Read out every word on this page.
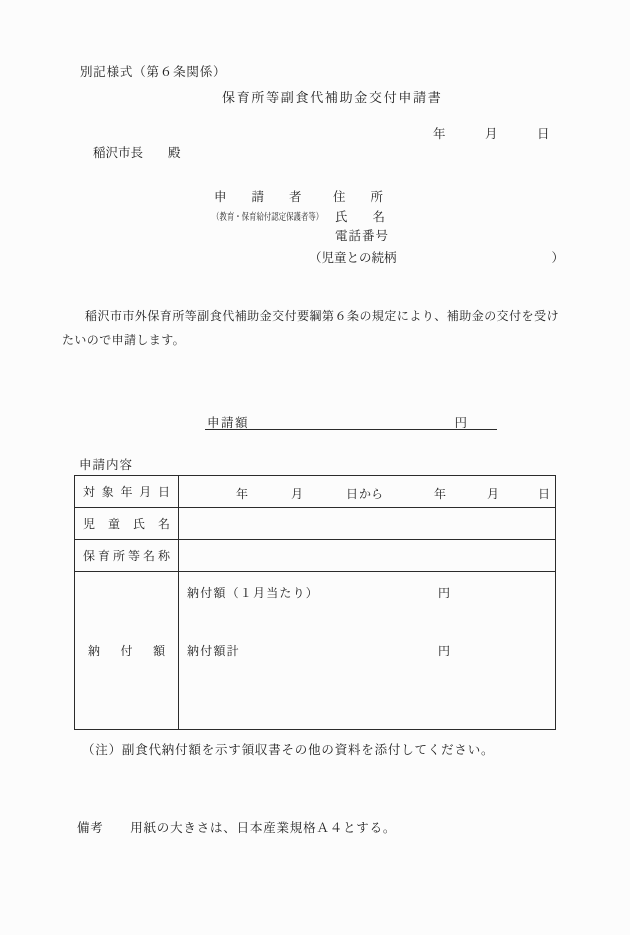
別記様式（第６条関係）
保育所等副食代補助金交付申請書
年	月	日
稲沢市長　　殿
申　　請　　者	住　　所
（教育・保育給付認定保護者等） 氏　　名
電話番号
（児童との続柄	）
稲沢市市外保育所等副食代補助金交付要綱第６条の規定により、補助金の交付を受けたいので申請します。
申請額	円
申請内容
対象年月日	年	月	日 から	年	月	日
児童氏名
保育所等名称
納付額
納付額（１月当たり）	円
納付額計	円
（注）副食代納付額を示す領収書その他の資料を添付してください。
備考　　用紙の大きさは、日本産業規格Ａ４とする。
